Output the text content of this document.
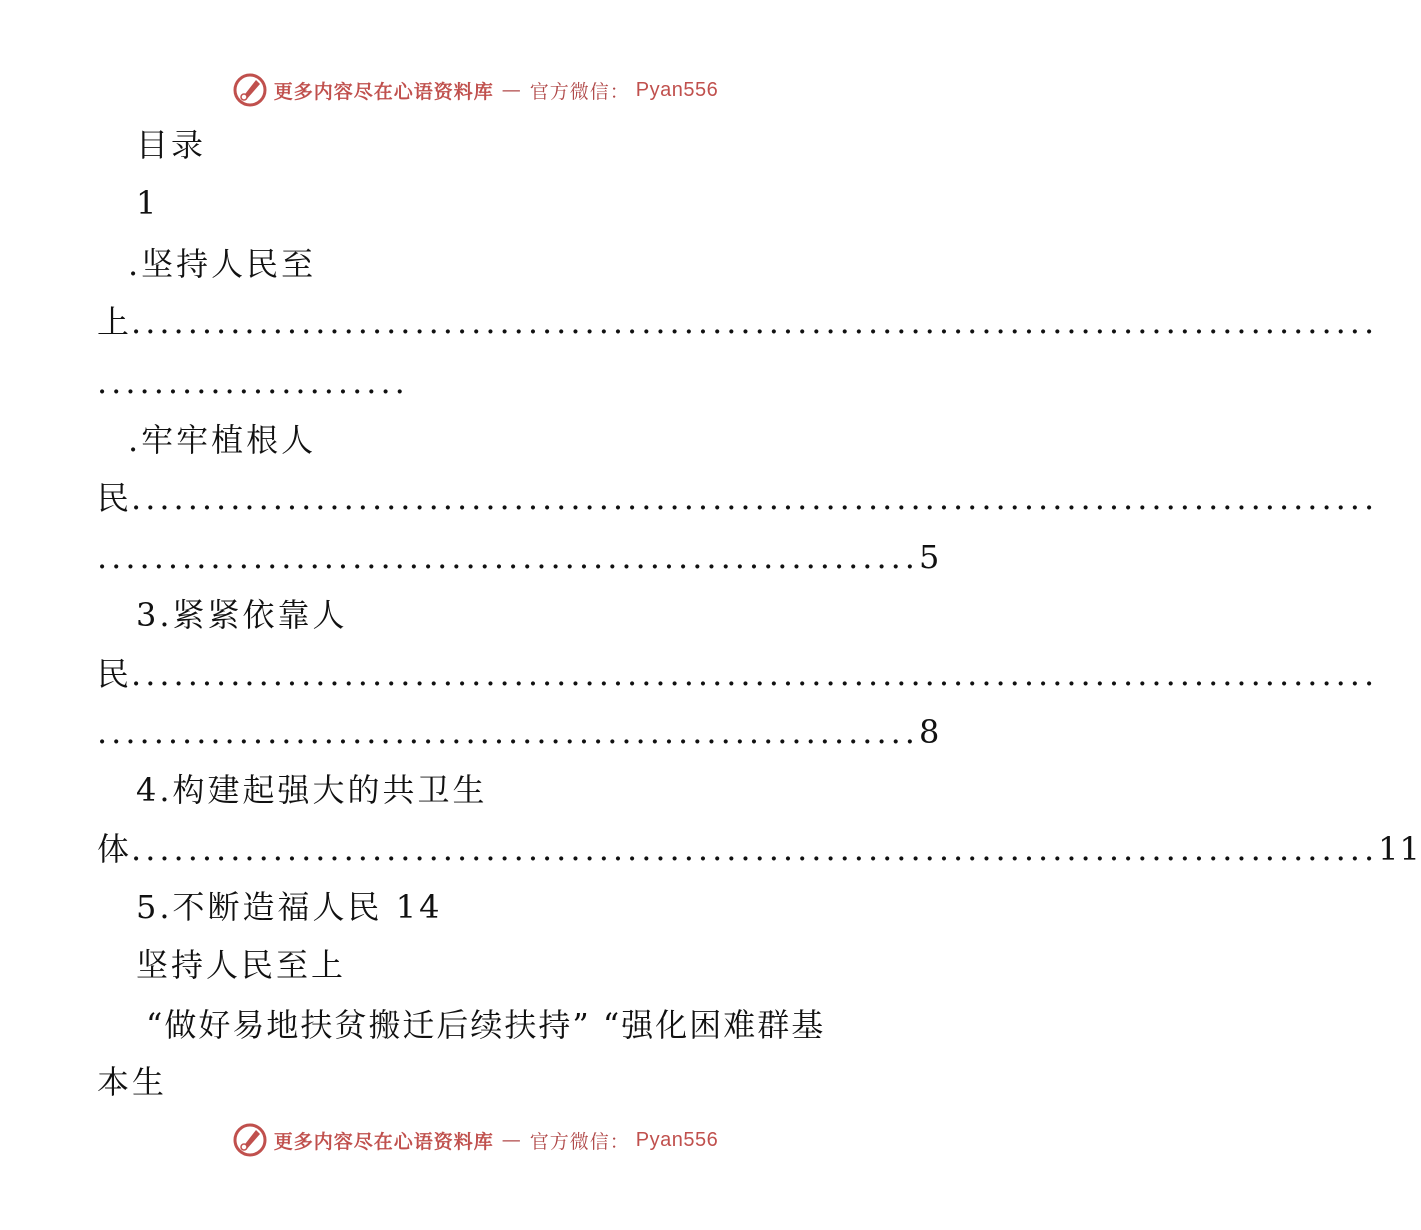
更多内容尽在心语资料库 — 官方微信： Pyan556
目录
1
.坚持人民至
上 ........................................................................................
......................
.牢牢植根人
民 ........................................................................................
.......................................................... 5
3.紧紧依靠人
民 ........................................................................................
.......................................................... 8
4.构建起强大的共卫生
体 ........................................................................................ 11
5.不断造福人民 14
坚持人民至上
“做好易地扶贫搬迁后续扶持” “强化困难群基
本生
更多内容尽在心语资料库 — 官方微信： Pyan556
